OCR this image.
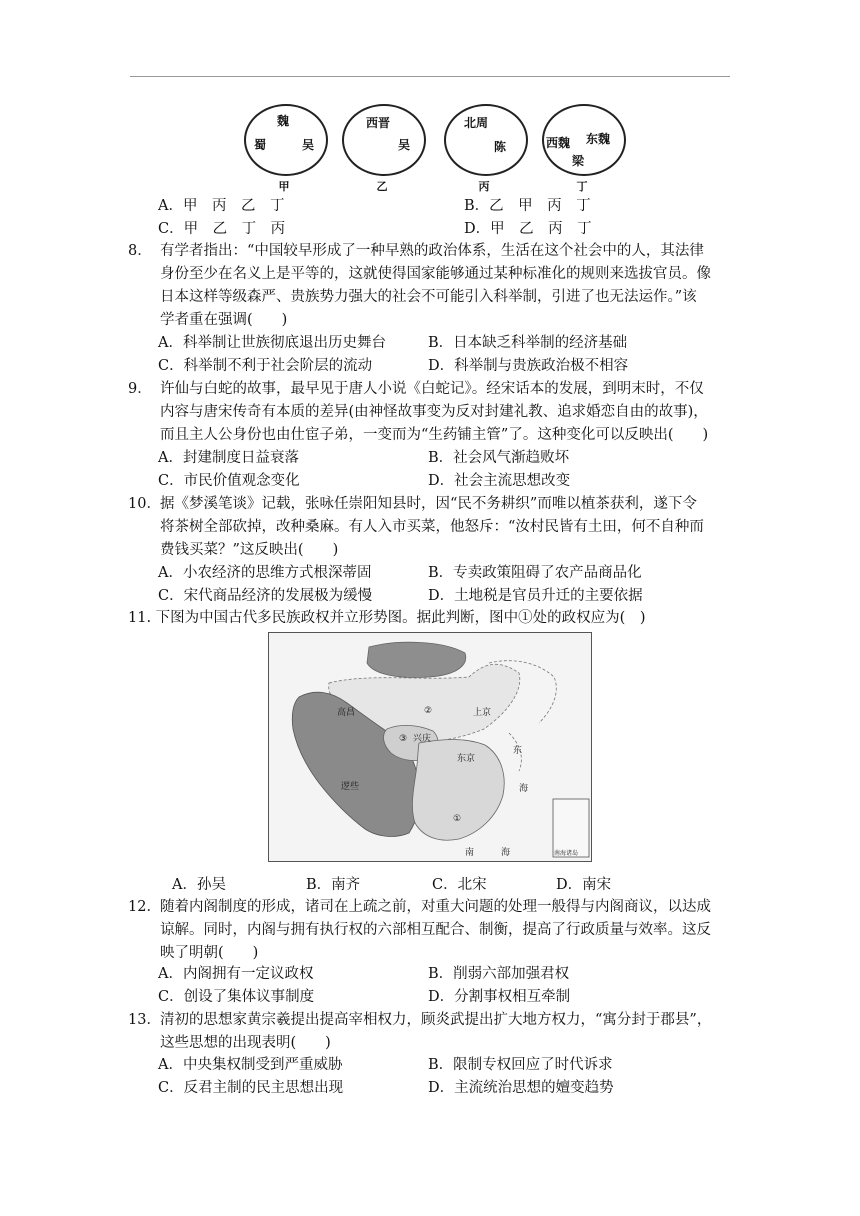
魏
蜀	吴
甲
西晋
吴
乙
北周
陈
丙
西魏 东魏
梁
丁
A．甲　丙　乙　丁	B．乙　甲　丙　丁
C．甲　乙　丁　丙	D．甲　乙　丙　丁
8． 有学者指出：“中国较早形成了一种早熟的政治体系，生活在这个社会中的人，其法律
身份至少在名义上是平等的，这就使得国家能够通过某种标准化的规则来选拔官员。像
日本这样等级森严、贵族势力强大的社会不可能引入科举制，引进了也无法运作。”该
学者重在强调(　　)
A．科举制让世族彻底退出历史舞台	B．日本缺乏科举制的经济基础
C．科举制不利于社会阶层的流动	D．科举制与贵族政治极不相容
9． 许仙与白蛇的故事，最早见于唐人小说《白蛇记》。经宋话本的发展，到明末时，不仅
内容与唐宋传奇有本质的差异(由神怪故事变为反对封建礼教、追求婚恋自由的故事)，
而且主人公身份也由仕宦子弟，一变而为“生药铺主管”了。这种变化可以反映出(　　)
A．封建制度日益衰落	B．社会风气渐趋败坏
C．市民价值观念变化	D．社会主流思想改变
10． 据《梦溪笔谈》记载，张咏任崇阳知县时，因“民不务耕织”而唯以植茶获利，遂下令
将茶树全部砍掉，改种桑麻。有人入市买菜，他怒斥：“汝村民皆有土田，何不自种而
费钱买菜？”这反映出(　　)
A．小农经济的思维方式根深蒂固	B．专卖政策阻碍了农产品商品化
C．宋代商品经济的发展极为缓慢	D．土地税是官员升迁的主要依据
11. 下图为中国古代多民族政权并立形势图。据此判断，图中①处的政权应为(　)
南海诸岛
②	上京
高昌
③ 兴庆
东京
逻些
①
东
海
南	海
A．孙吴	B．南齐	C．北宋	D．南宋
12． 随着内阁制度的形成，诸司在上疏之前，对重大问题的处理一般得与内阁商议，以达成
谅解。同时，内阁与拥有执行权的六部相互配合、制衡，提高了行政质量与效率。这反
映了明朝(　　)
A．内阁拥有一定议政权	B．削弱六部加强君权
C．创设了集体议事制度	D．分割事权相互牵制
13． 清初的思想家黄宗羲提出提高宰相权力，顾炎武提出扩大地方权力，“寓分封于郡县”，
这些思想的出现表明(　　)
A．中央集权制受到严重威胁	B．限制专权回应了时代诉求
C．反君主制的民主思想出现	D．主流统治思想的嬗变趋势
